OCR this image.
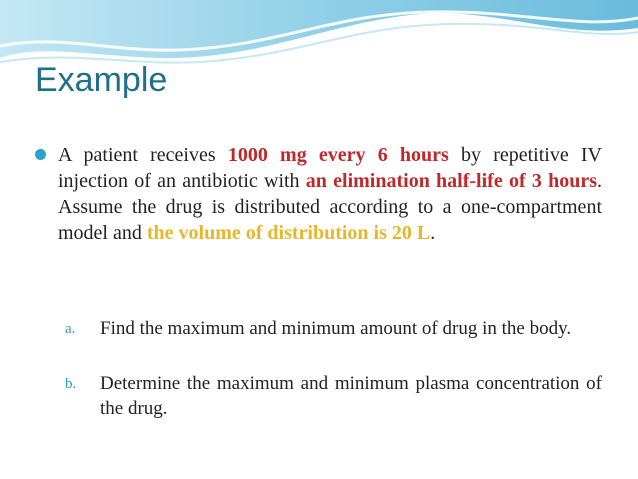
Example

A patient receives 1000 mg every 6 hours by repetitive IV injection of an antibiotic with an elimination half-life of 3 hours. Assume the drug is distributed according to a one-compartment model and the volume of distribution is 20 L.

a. Find the maximum and minimum amount of drug in the body.
b. Determine the maximum and minimum plasma concentration of the drug.
